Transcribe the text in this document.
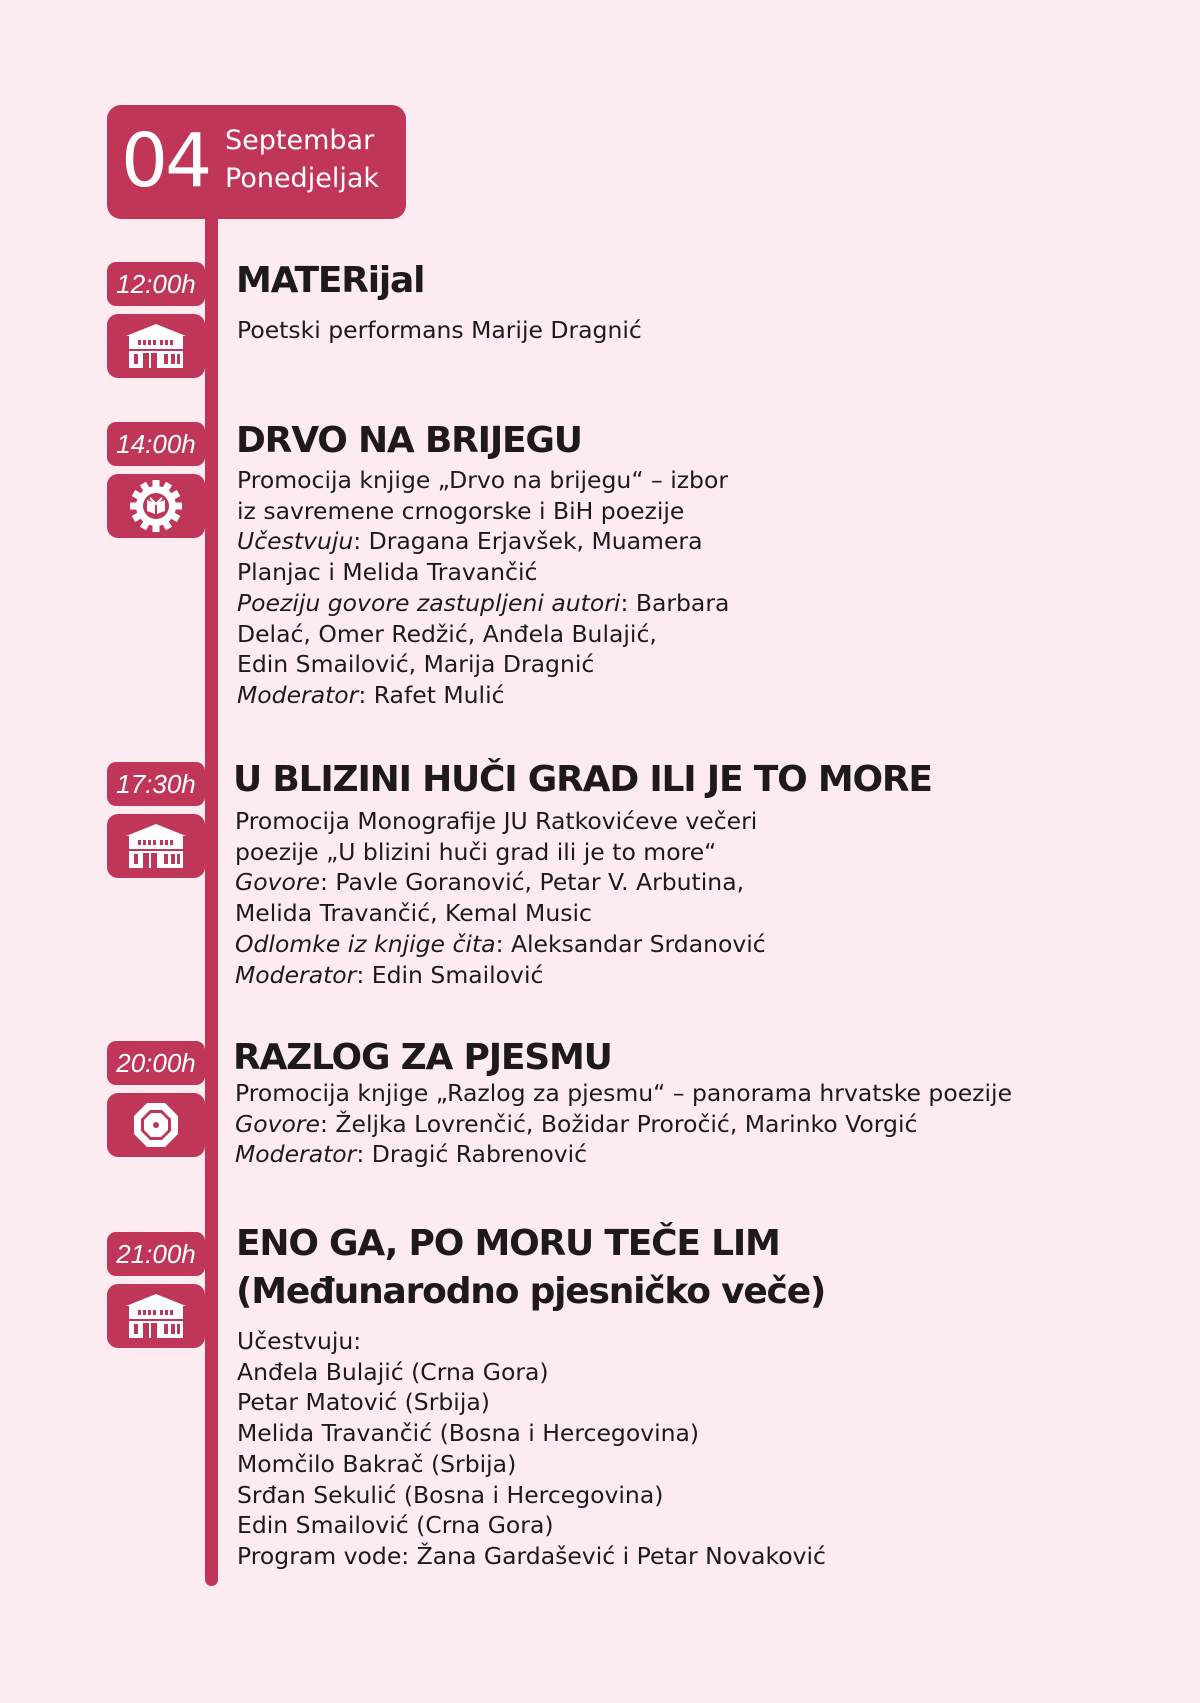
04 Septembar
Ponedjeljak
12:00h MATERijal
Poetski performans Marije Dragnić
14:00h DRVO NA BRIJEGU
Promocija knjige „Drvo na brijegu“ – izbor
iz savremene crnogorske i BiH poezije
Učestvuju: Dragana Erjavšek, Muamera
Planjac i Melida Travančić
Poeziju govore zastupljeni autori: Barbara
Delać, Omer Redžić, Anđela Bulajić,
Edin Smailović, Marija Dragnić
Moderator: Rafet Mulić
17:30h U BLIZINI HUČI GRAD ILI JE TO MORE
Promocija Monografije JU Ratkovićeve večeri
poezije „U blizini huči grad ili je to more“
Govore: Pavle Goranović, Petar V. Arbutina,
Melida Travančić, Kemal Music
Odlomke iz knjige čita: Aleksandar Srdanović
Moderator: Edin Smailović
20:00h RAZLOG ZA PJESMU
Promocija knjige „Razlog za pjesmu“ – panorama hrvatske poezije
Govore: Željka Lovrenčić, Božidar Proročić, Marinko Vorgić
Moderator: Dragić Rabrenović
21:00h ENO GA, PO MORU TEČE LIM
(Međunarodno pjesničko veče)
Učestvuju:
Anđela Bulajić (Crna Gora)
Petar Matović (Srbija)
Melida Travančić (Bosna i Hercegovina)
Momčilo Bakrač (Srbija)
Srđan Sekulić (Bosna i Hercegovina)
Edin Smailović (Crna Gora)
Program vode: Žana Gardašević i Petar Novaković
